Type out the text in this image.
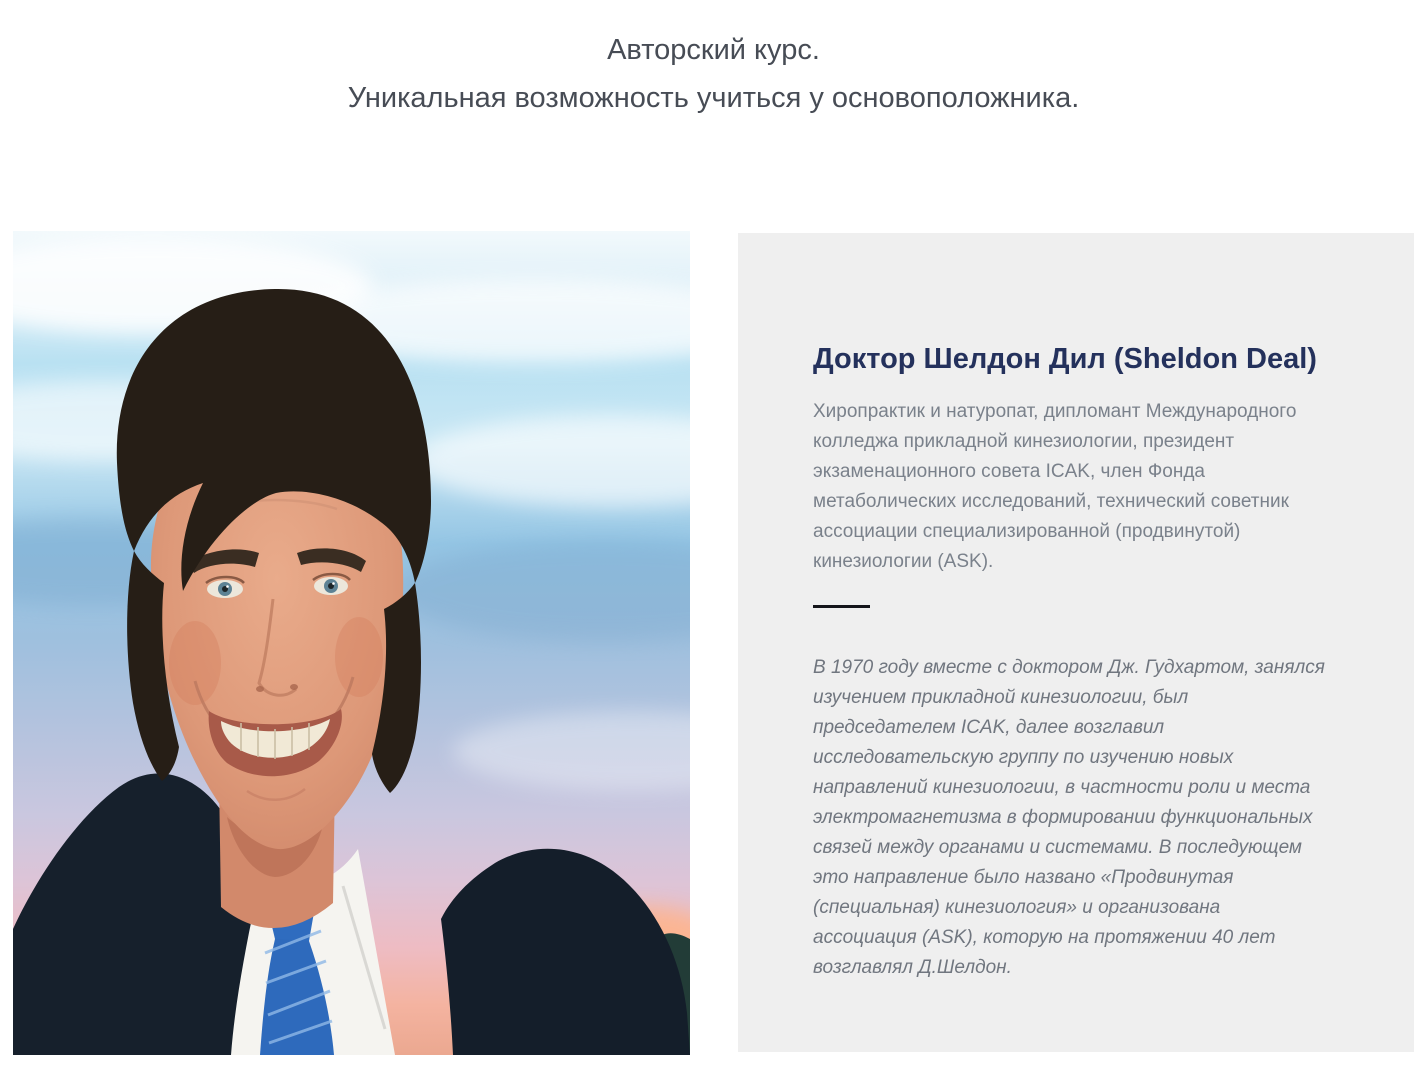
Авторский курс.
Уникальная возможность учиться у основоположника.
Доктор Шелдон Дил (Sheldon Deal)

Хиропрактик и натуропат, дипломант Международного колледжа прикладной кинезиологии, президент экзаменационного совета ICAK, член Фонда метаболических исследований, технический советник ассоциации специализированной (продвинутой) кинезиологии (ASK).

В 1970 году вместе с доктором Дж. Гудхартом, занялся изучением прикладной кинезиологии, был председателем ICAK, далее возглавил исследовательскую группу по изучению новых направлений кинезиологии, в частности роли и места электромагнетизма в формировании функциональных связей между органами и системами. В последующем это направление было названо «Продвинутая (специальная) кинезиология» и организована ассоциация (ASK), которую на протяжении 40 лет возглавлял Д.Шелдон.
